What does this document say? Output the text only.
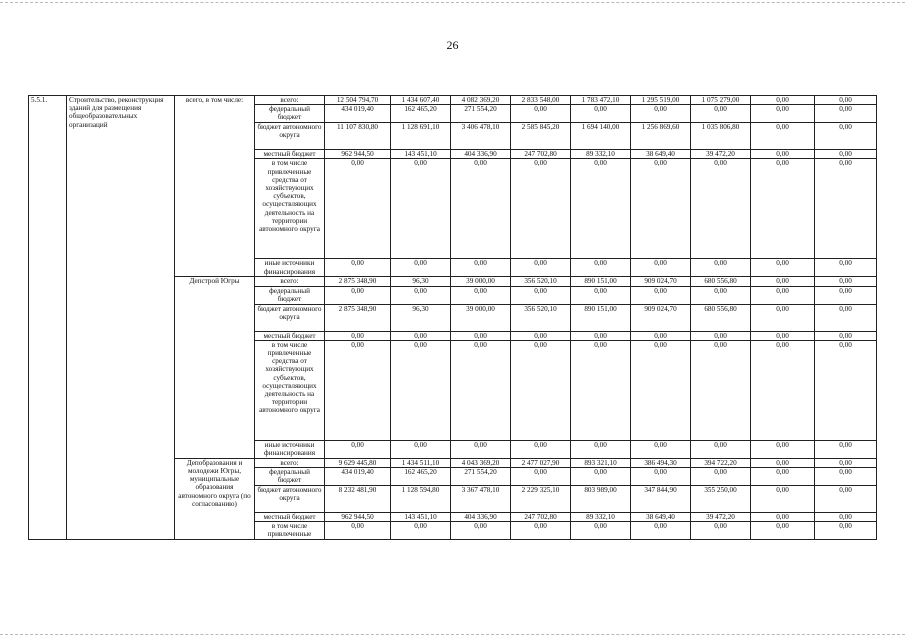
26
5.5.1.	Строительство, реконструкция зданий для размещения общеобразовательных организаций	всего, в том числе:	всего:	12 504 794,70	1 434 607,40	4 082 369,20	2 833 548,00	1 783 472,10	1 295 519,00	1 075 279,00	0,00	0,00
			федеральный бюджет	434 019,40	162 465,20	271 554,20	0,00	0,00	0,00	0,00	0,00	0,00
			бюджет автономного округа	11 107 830,80	1 128 691,10	3 406 478,10	2 585 845,20	1 694 140,00	1 256 869,60	1 035 806,80	0,00	0,00
			местный бюджет	962 944,50	143 451,10	404 336,90	247 702,80	89 332,10	38 649,40	39 472,20	0,00	0,00
			в том числе привлеченные средства от хозяйствующих субъектов, осуществляющих деятельность на территории автономного округа	0,00	0,00	0,00	0,00	0,00	0,00	0,00	0,00	0,00
			иные источники финансирования	0,00	0,00	0,00	0,00	0,00	0,00	0,00	0,00	0,00
		Депстрой Югры	всего:	2 875 348,90	96,30	39 000,00	356 520,10	890 151,00	909 024,70	680 556,80	0,00	0,00
			федеральный бюджет	0,00	0,00	0,00	0,00	0,00	0,00	0,00	0,00	0,00
			бюджет автономного округа	2 875 348,90	96,30	39 000,00	356 520,10	890 151,00	909 024,70	680 556,80	0,00	0,00
			местный бюджет	0,00	0,00	0,00	0,00	0,00	0,00	0,00	0,00	0,00
			в том числе привлеченные средства от хозяйствующих субъектов, осуществляющих деятельность на территории автономного округа	0,00	0,00	0,00	0,00	0,00	0,00	0,00	0,00	0,00
			иные источники финансирования	0,00	0,00	0,00	0,00	0,00	0,00	0,00	0,00	0,00
		Депобразования и молодежи Югры, муниципальные образования автономного округа (по согласованию)	всего:	9 629 445,80	1 434 511,10	4 043 369,20	2 477 027,90	893 321,10	386 494,30	394 722,20	0,00	0,00
			федеральный бюджет	434 019,40	162 465,20	271 554,20	0,00	0,00	0,00	0,00	0,00	0,00
			бюджет автономного округа	8 232 481,90	1 128 594,80	3 367 478,10	2 229 325,10	803 989,00	347 844,90	355 250,00	0,00	0,00
			местный бюджет	962 944,50	143 451,10	404 336,90	247 702,80	89 332,10	38 649,40	39 472,20	0,00	0,00
			в том числе привлеченные	0,00	0,00	0,00	0,00	0,00	0,00	0,00	0,00	0,00
